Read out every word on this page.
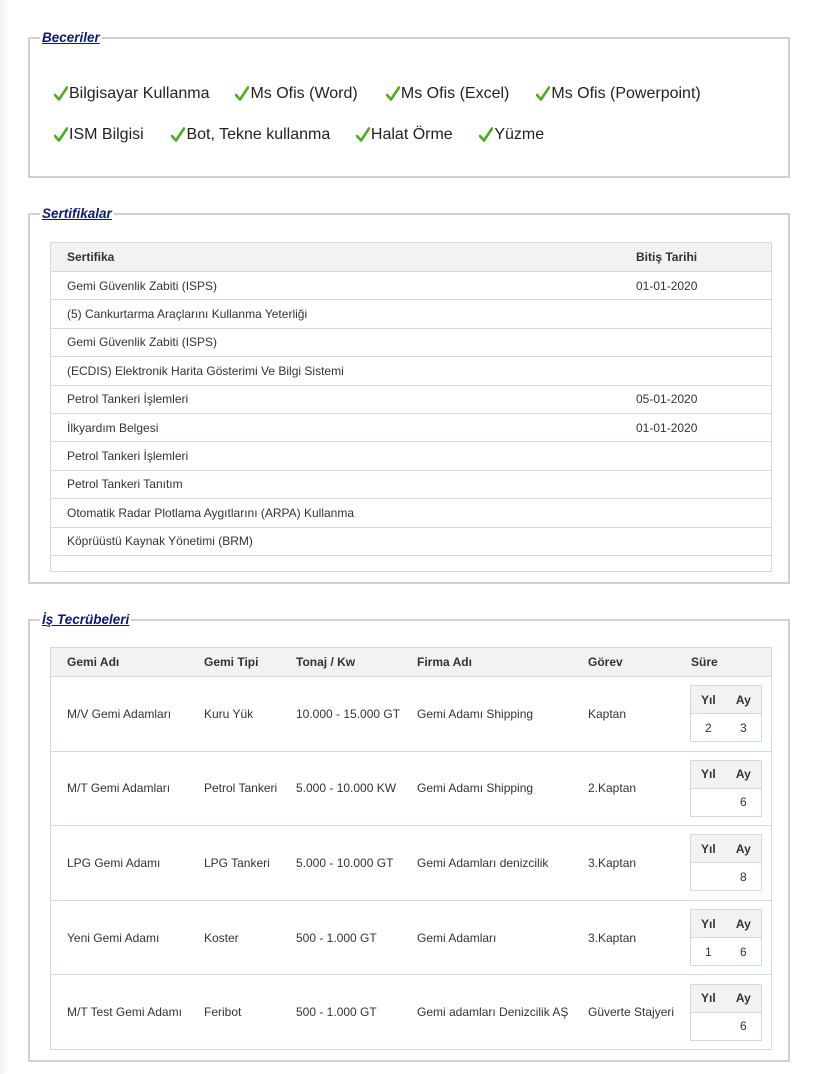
Beceriler
Bilgisayar Kullanma
	Ms Ofis (Word)
	Ms Ofis (Excel)
	Ms Ofis (Powerpoint)
ISM Bilgisi
	Bot, Tekne kullanma
	Halat Örme
	Yüzme
Sertifikalar
Sertifika	Bitiş Tarihi
Gemi Güvenlik Zabiti (ISPS)	01-01-2020
(5) Cankurtarma Araçlarını Kullanma Yeterliği	
Gemi Güvenlik Zabiti (ISPS)	
(ECDIS) Elektronik Harita Gösterimi Ve Bilgi Sistemi	
Petrol Tankeri İşlemleri	05-01-2020
İlkyardım Belgesi	01-01-2020
Petrol Tankeri İşlemleri	
Petrol Tankeri Tanıtım	
Otomatik Radar Plotlama Aygıtlarını (ARPA) Kullanma	
Köprüüstü Kaynak Yönetimi (BRM)	

İş Tecrübeleri
Gemi Adı	Gemi Tipi	Tonaj / Kw	Firma Adı	Görev	Süre
M/V Gemi Adamları	Kuru Yük	10.000 - 15.000 GT	Gemi Adamı Shipping	Kaptan	
Yıl	Ay
2	3

M/T Gemi Adamları	Petrol Tankeri	5.000 - 10.000 KW	Gemi Adamı Shipping	2.Kaptan	
Yıl	Ay
	6

LPG Gemi Adamı	LPG Tankeri	5.000 - 10.000 GT	Gemi Adamları denizcilik	3.Kaptan	
Yıl	Ay
	8

Yeni Gemi Adamı	Koster	500 - 1.000 GT	Gemi Adamları	3.Kaptan	
Yıl	Ay
1	6

M/T Test Gemi Adamı	Feribot	500 - 1.000 GT	Gemi adamları Denizcilik AŞ	Güverte Stajyeri	
Yıl	Ay
	6
